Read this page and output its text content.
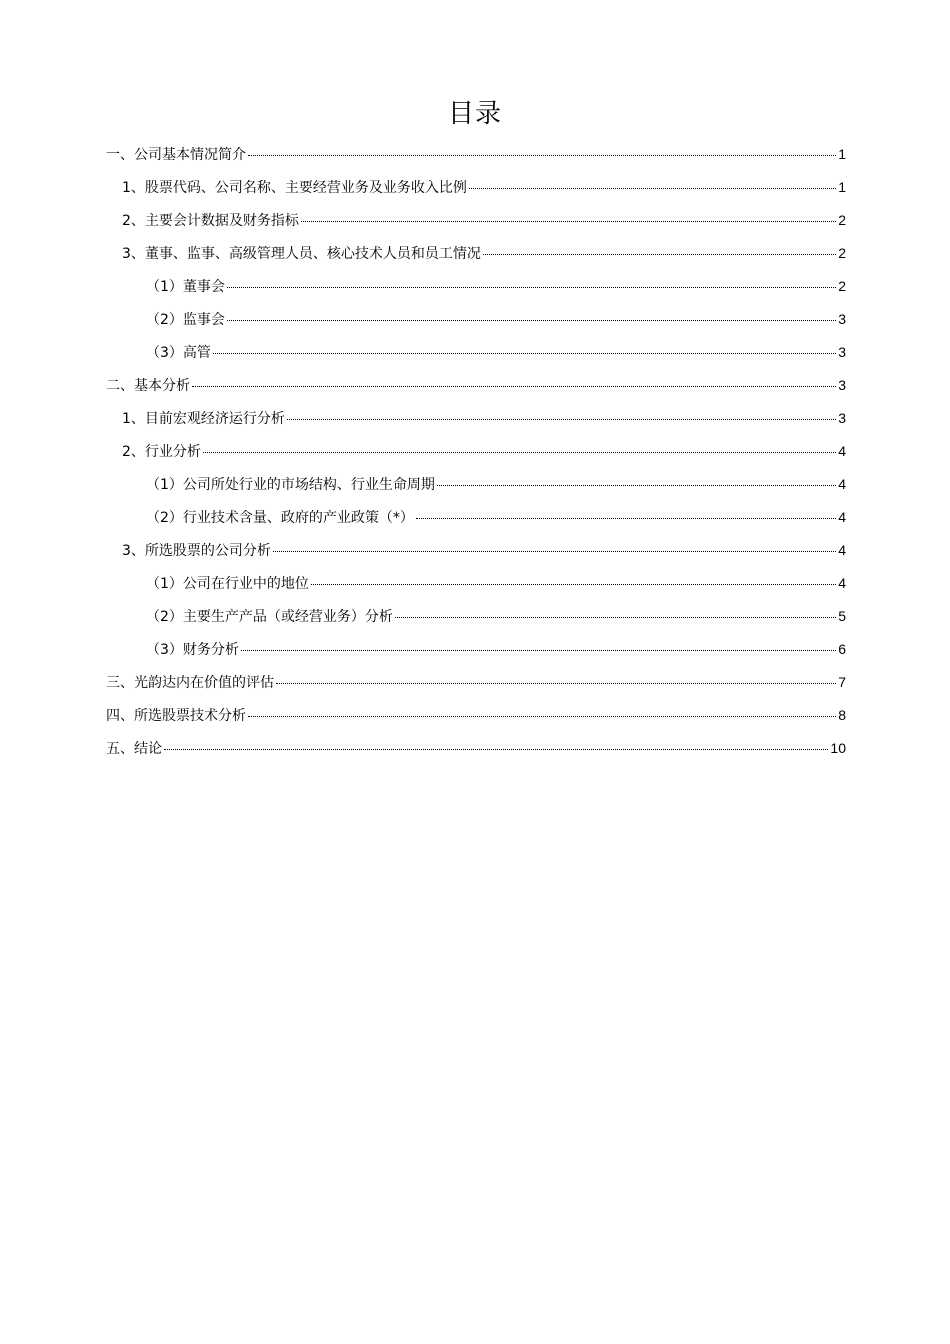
目录
一、公司基本情况简介	1
1、股票代码、公司名称、主要经营业务及业务收入比例	1
2、主要会计数据及财务指标	2
3、董事、监事、高级管理人员、核心技术人员和员工情况	2
（1）董事会	2
（2）监事会	3
（3）高管	3
二、基本分析	3
1、目前宏观经济运行分析	3
2、行业分析	4
（1）公司所处行业的市场结构、行业生命周期	4
（2）行业技术含量、政府的产业政策（*）	4
3、所选股票的公司分析	4
（1）公司在行业中的地位	4
（2）主要生产产品（或经营业务）分析	5
（3）财务分析	6
三、光韵达内在价值的评估	7
四、所选股票技术分析	8
五、结论	10
